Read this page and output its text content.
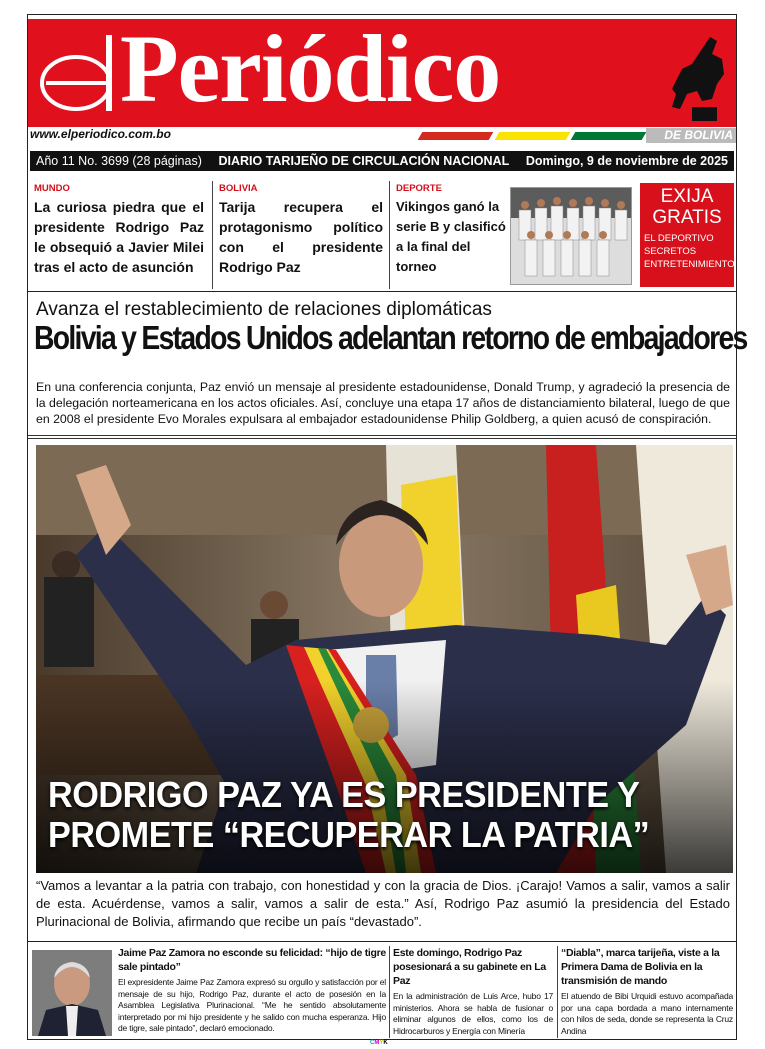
Periódico
www.elperiodico.com.bo	DE BOLIVIA
Año 11 No. 3699 (28 páginas) DIARIO TARIJEÑO DE CIRCULACIÓN NACIONAL Domingo, 9 de noviembre de 2025
MUNDO
La curiosa piedra que el presidente Rodrigo Paz le obsequió a Javier Milei tras el acto de asunción
BOLIVIA
Tarija recupera el protagonismo político con el presidente Rodrigo Paz
DEPORTE
Vikingos ganó la serie B y clasificó a la final del torneo
EXIJA
GRATIS
EL DEPORTIVO
SECRETOS
ENTRETENIMIENTO
Avanza el restablecimiento de relaciones diplomáticas
Bolivia y Estados Unidos adelantan retorno de embajadores
En una conferencia conjunta, Paz envió un mensaje al presidente estadounidense, Donald Trump, y agradeció la presencia de la delegación norteamericana en los actos oficiales. Así, concluye una etapa 17 años de distanciamiento bilateral, luego de que en 2008 el presidente Evo Morales expulsara al embajador estadounidense Philip Goldberg, a quien acusó de conspiración.
RODRIGO PAZ YA ES PRESIDENTE Y
PROMETE “RECUPERAR LA PATRIA”
“Vamos a levantar a la patria con trabajo, con honestidad y con la gracia de Dios. ¡Carajo! Vamos a salir, vamos a salir de esta. Acuérdense, vamos a salir, vamos a salir de esta.” Así, Rodrigo Paz asumió la presidencia del Estado Plurinacional de Bolivia, afirmando que recibe un país “devastado”.
Jaime Paz Zamora no esconde su felicidad: “hijo de tigre sale pintado”
El expresidente Jaime Paz Zamora expresó su orgullo y satisfacción por el mensaje de su hijo, Rodrigo Paz, durante el acto de posesión en la Asamblea Legislativa Plurinacional. “Me he sentido absolutamente interpretado por mi hijo presidente y he salido con mucha esperanza. Hijo de tigre, sale pintado”, declaró emocionado.
Este domingo, Rodrigo Paz posesionará a su gabinete en La Paz
En la administración de Luis Arce, hubo 17 ministerios. Ahora se habla de fusionar o eliminar algunos de ellos, como los de Hidrocarburos y Energía con Minería
“Diabla”, marca tarijeña, viste a la Primera Dama de Bolivia en la transmisión de mando
El atuendo de Bibi Urquidi estuvo acompañada por una capa bordada a mano internamente con hilos de seda, donde se representa la Cruz Andina
CMYK
